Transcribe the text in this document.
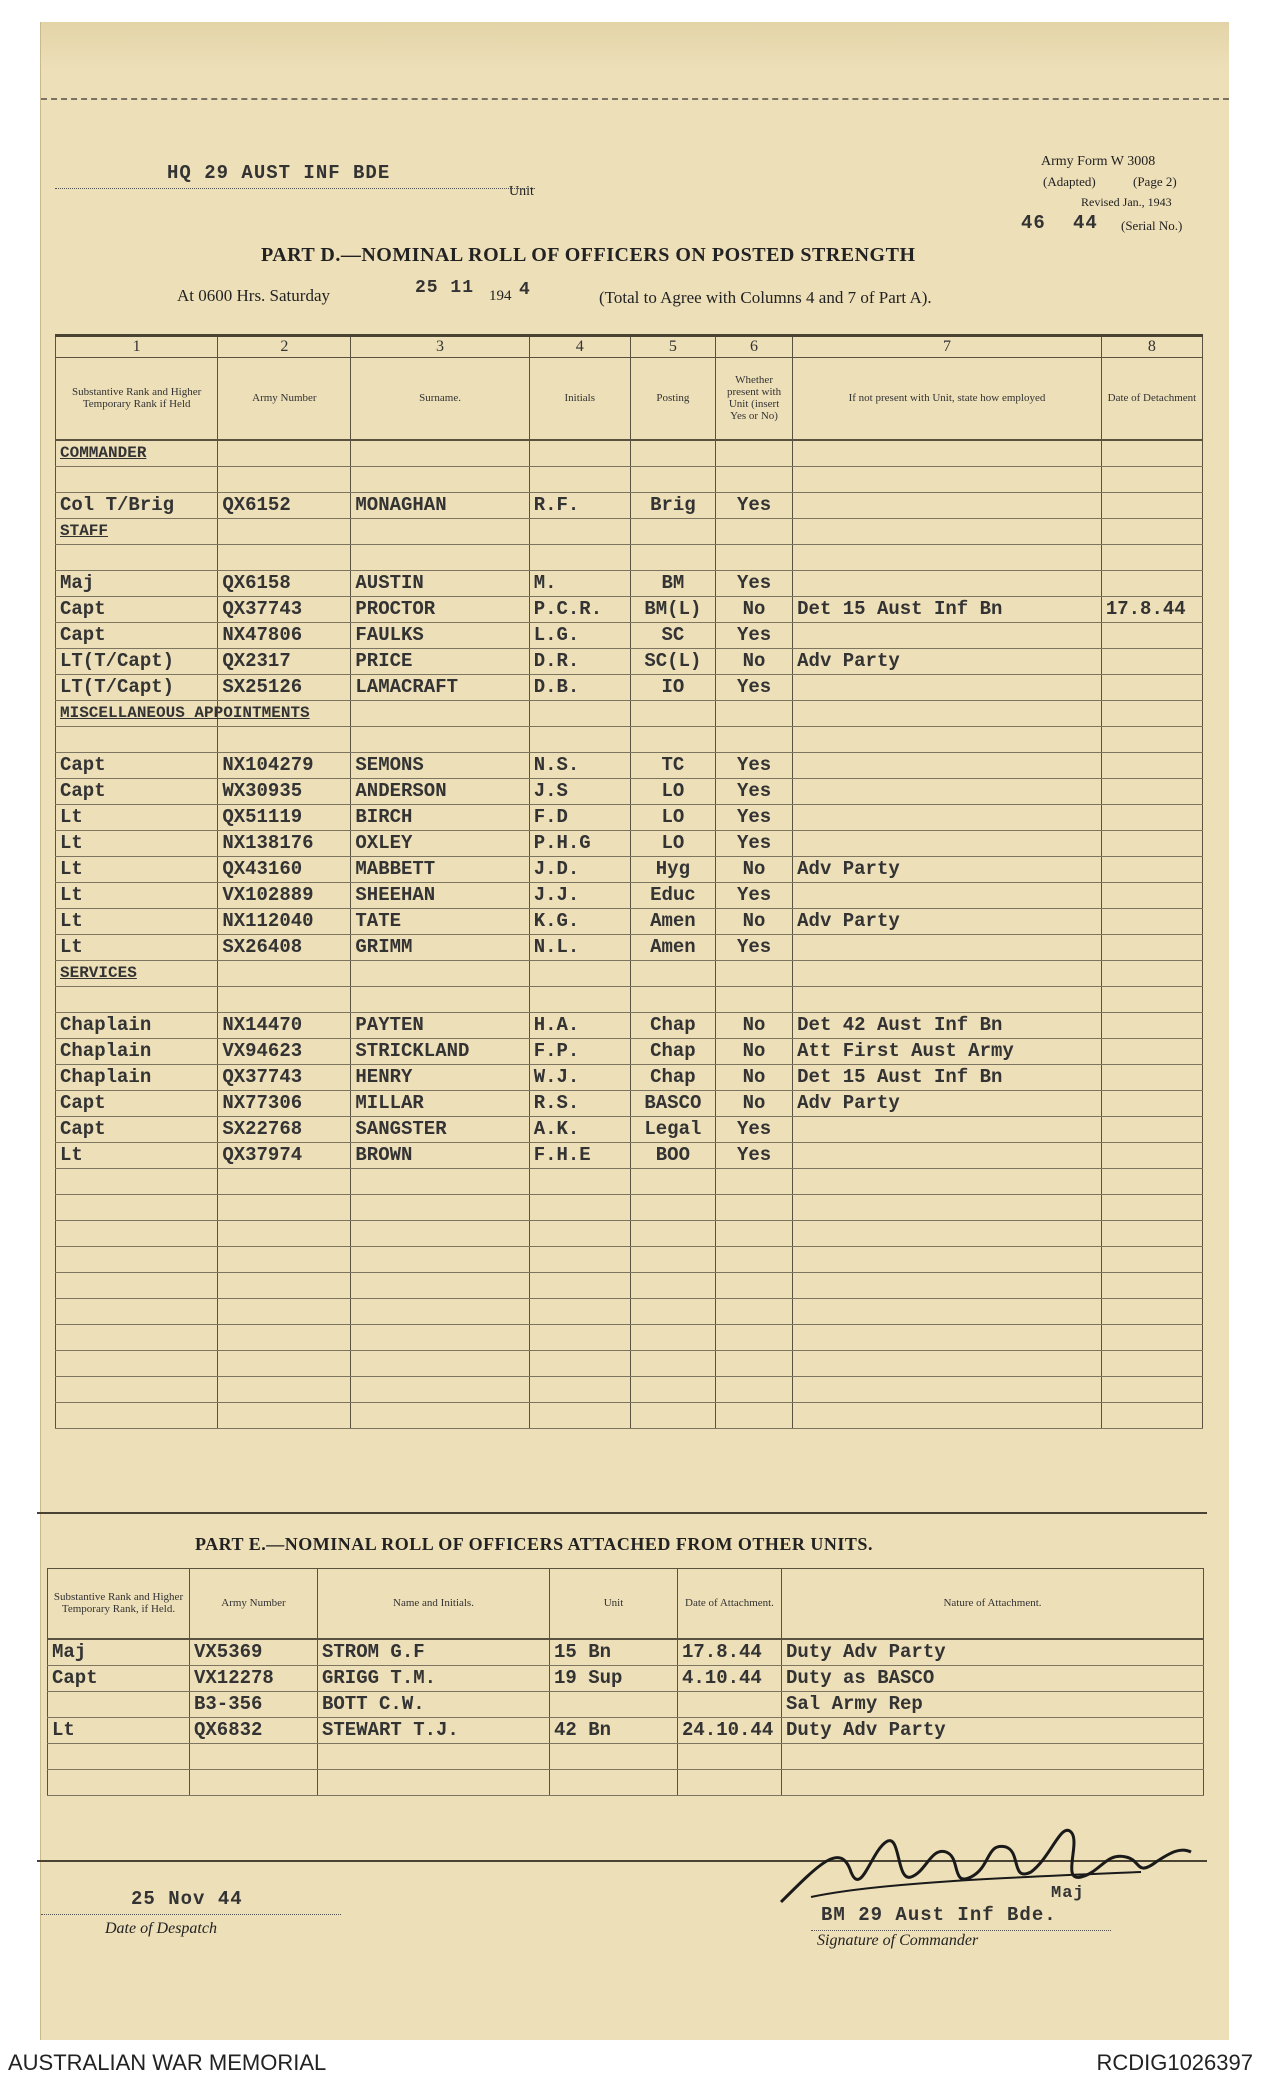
HQ 29 AUST INF BDE
Unit
Army Form W 3008
(Adapted)	(Page 2)
Revised Jan., 1943
46 44 (Serial No.)
PART D.—NOMINAL ROLL OF OFFICERS ON POSTED STRENGTH
At 0600 Hrs. Saturday	25 11 194 4	(Total to Agree with Columns 4 and 7 of Part A).
1	2	3	4	5	6	7	8
Substantive Rank and Higher Temporary Rank if Held	Army Number	Surname.	Initials	Posting	Whether present with Unit (insert Yes or No)	If not present with Unit, state how employed	Date of Detachment
COMMANDER							

Col T/Brig	QX6152	MONAGHAN	R.F.	Brig	Yes		
STAFF							

Maj	QX6158	AUSTIN	M.	BM	Yes		
Capt	QX37743	PROCTOR	P.C.R.	BM(L)	No	Det 15 Aust Inf Bn	17.8.44
Capt	NX47806	FAULKS	L.G.	SC	Yes		
LT(T/Capt)	QX2317	PRICE	D.R.	SC(L)	No	Adv Party	
LT(T/Capt)	SX25126	LAMACRAFT	D.B.	IO	Yes		
MISCELLANEOUS APPOINTMENTS							

Capt	NX104279	SEMONS	N.S.	TC	Yes		
Capt	WX30935	ANDERSON	J.S	LO	Yes		
Lt	QX51119	BIRCH	F.D	LO	Yes		
Lt	NX138176	OXLEY	P.H.G	LO	Yes		
Lt	QX43160	MABBETT	J.D.	Hyg	No	Adv Party	
Lt	VX102889	SHEEHAN	J.J.	Educ	Yes		
Lt	NX112040	TATE	K.G.	Amen	No	Adv Party	
Lt	SX26408	GRIMM	N.L.	Amen	Yes		
SERVICES							

Chaplain	NX14470	PAYTEN	H.A.	Chap	No	Det 42 Aust Inf Bn	
Chaplain	VX94623	STRICKLAND	F.P.	Chap	No	Att First Aust Army	
Chaplain	QX37743	HENRY	W.J.	Chap	No	Det 15 Aust Inf Bn	
Capt	NX77306	MILLAR	R.S.	BASCO	No	Adv Party	
Capt	SX22768	SANGSTER	A.K.	Legal	Yes		
Lt	QX37974	BROWN	F.H.E	BOO	Yes		

PART E.—NOMINAL ROLL OF OFFICERS ATTACHED FROM OTHER UNITS.
Substantive Rank and Higher Temporary Rank, if Held.	Army Number	Name and Initials.	Unit	Date of Attachment.	Nature of Attachment.
Maj	VX5369	STROM G.F	15 Bn	17.8.44	Duty Adv Party
Capt	VX12278	GRIGG T.M.	19 Sup	4.10.44	Duty as BASCO
	B3-356	BOTT C.W.			Sal Army Rep
Lt	QX6832	STEWART T.J.	42 Bn	24.10.44	Duty Adv Party

25 Nov 44
Date of Despatch
Maj
BM 29 Aust Inf Bde.
Signature of Commander
AUSTRALIAN WAR MEMORIAL	RCDIG1026397
